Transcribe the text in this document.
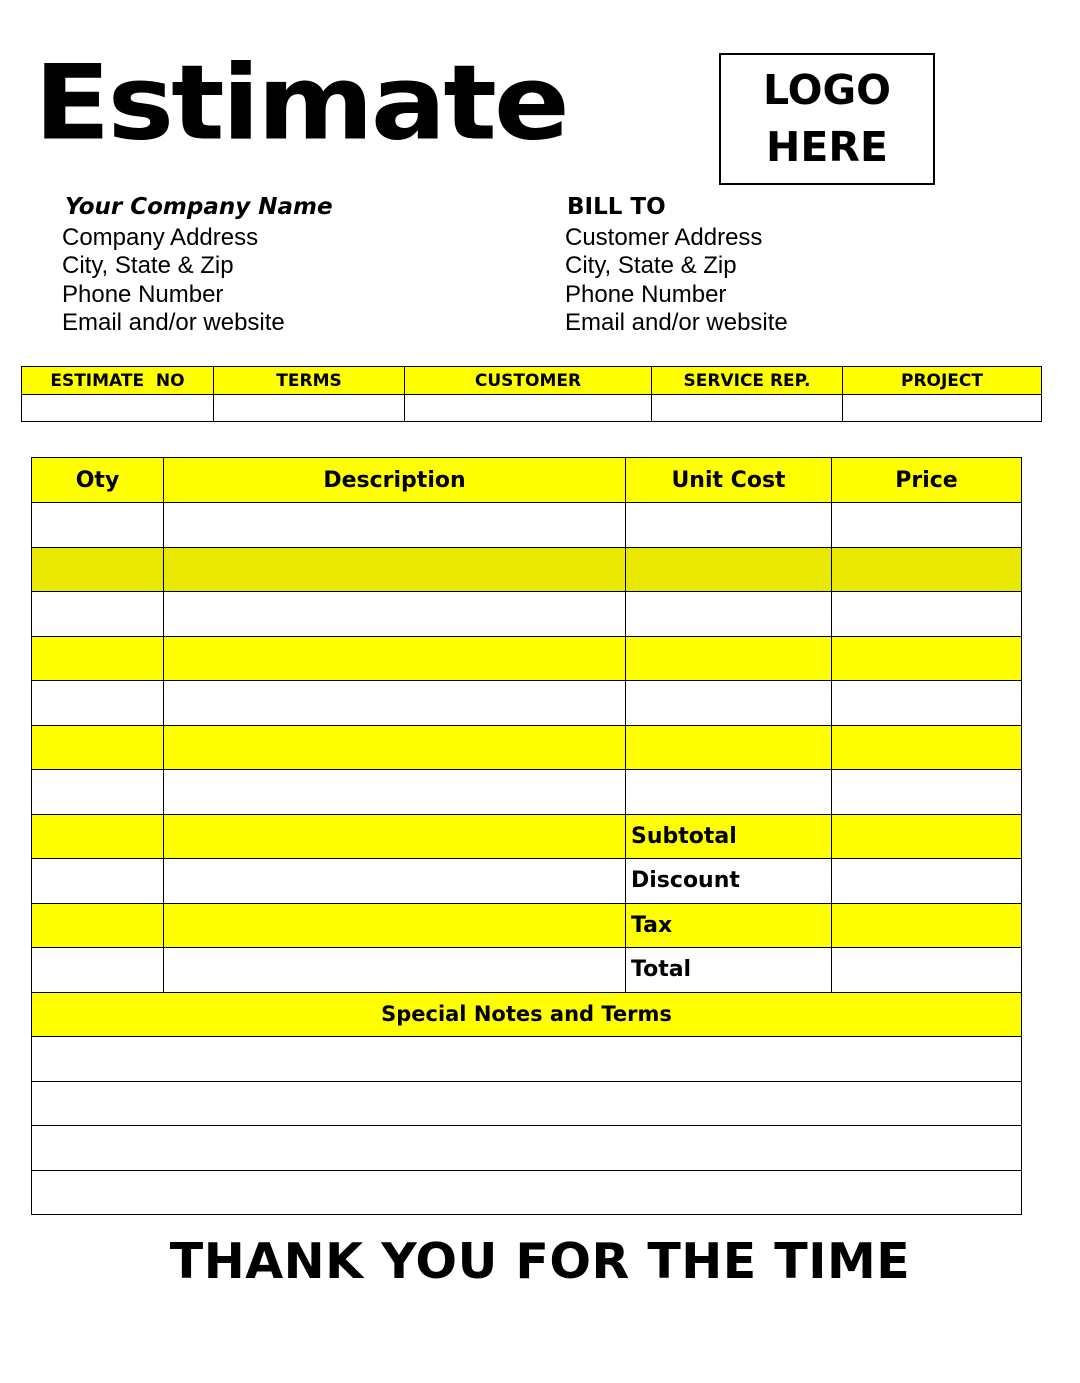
Estimate	LOGO
HERE
Your Company Name
Company Address
City, State & Zip
Phone Number
Email and/or website
BILL TO
Customer Address
City, State & Zip
Phone Number
Email and/or website
ESTIMATE  NO	TERMS	CUSTOMER	SERVICE REP.	PROJECT

Oty	Description	Unit Cost	Price

		Subtotal	
		Discount	
		Tax	
		Total	
Special Notes and Terms			

THANK YOU FOR THE TIME
